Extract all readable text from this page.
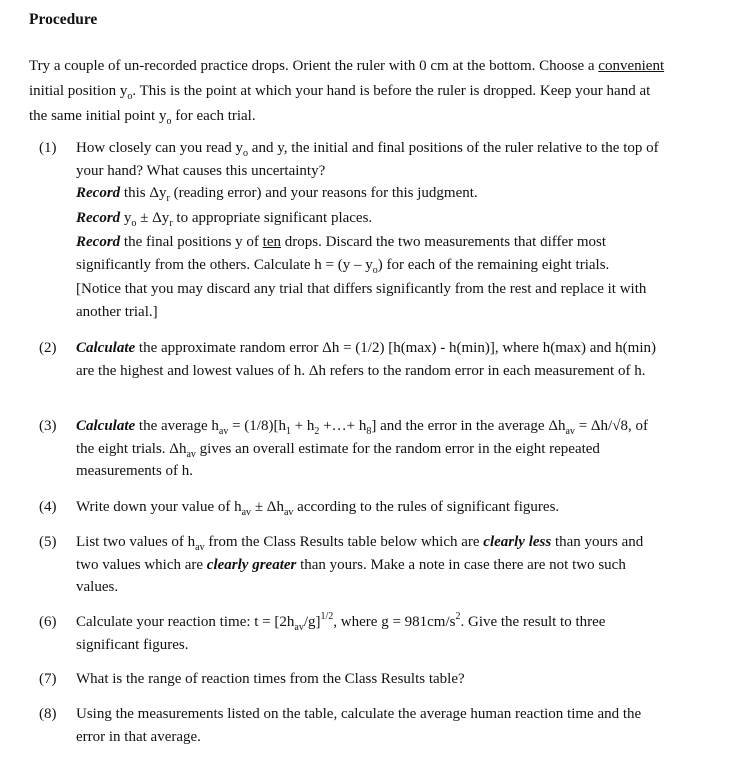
Procedure
Try a couple of un-recorded practice drops. Orient the ruler with 0 cm at the bottom. Choose a convenient initial position $y_o$. This is the point at which your hand is before the ruler is dropped. Keep your hand at the same initial point $y_o$ for each trial.
(1)	How closely can you read $y_o$ and y, the initial and final positions of the ruler relative to the top of your hand? What causes this uncertainty?
Record this $\Delta y_r$ (reading error) and your reasons for this judgment.
Record $y_o \pm \Delta y_r$ to appropriate significant places.
Record the final positions y of ten drops. Discard the two measurements that differ most significantly from the others. Calculate $h = (y - y_o)$ for each of the remaining eight trials.
[Notice that you may discard any trial that differs significantly from the rest and replace it with another trial.]
(2)	Calculate the approximate random error Δh = (1/2) [h(max) - h(min)], where h(max) and h(min) are the highest and lowest values of h. Δh refers to the random error in each measurement of h.
(3)	Calculate the average $h_{av} = (1/8)[h_1 + h_2$ +…+ $h_8$] and the error in the average $\Delta h_{av} = \Delta h/√8$, of the eight trials. $\Delta h_{av}$ gives an overall estimate for the random error in the eight repeated measurements of h.
(4)	Write down your value of $h_{av} \pm \Delta h_{av}$ according to the rules of significant figures.
(5)	List two values of $h_{av}$ from the Class Results table below which are clearly less than yours and two values which are clearly greater than yours. Make a note in case there are not two such values.
(6)	Calculate your reaction time: $t = [2h_{av}/g]^{1/2}$, where $g = 981cm/s^2$. Give the result to three significant figures.
(7)	What is the range of reaction times from the Class Results table?
(8)	Using the measurements listed on the table, calculate the average human reaction time and the error in that average.
